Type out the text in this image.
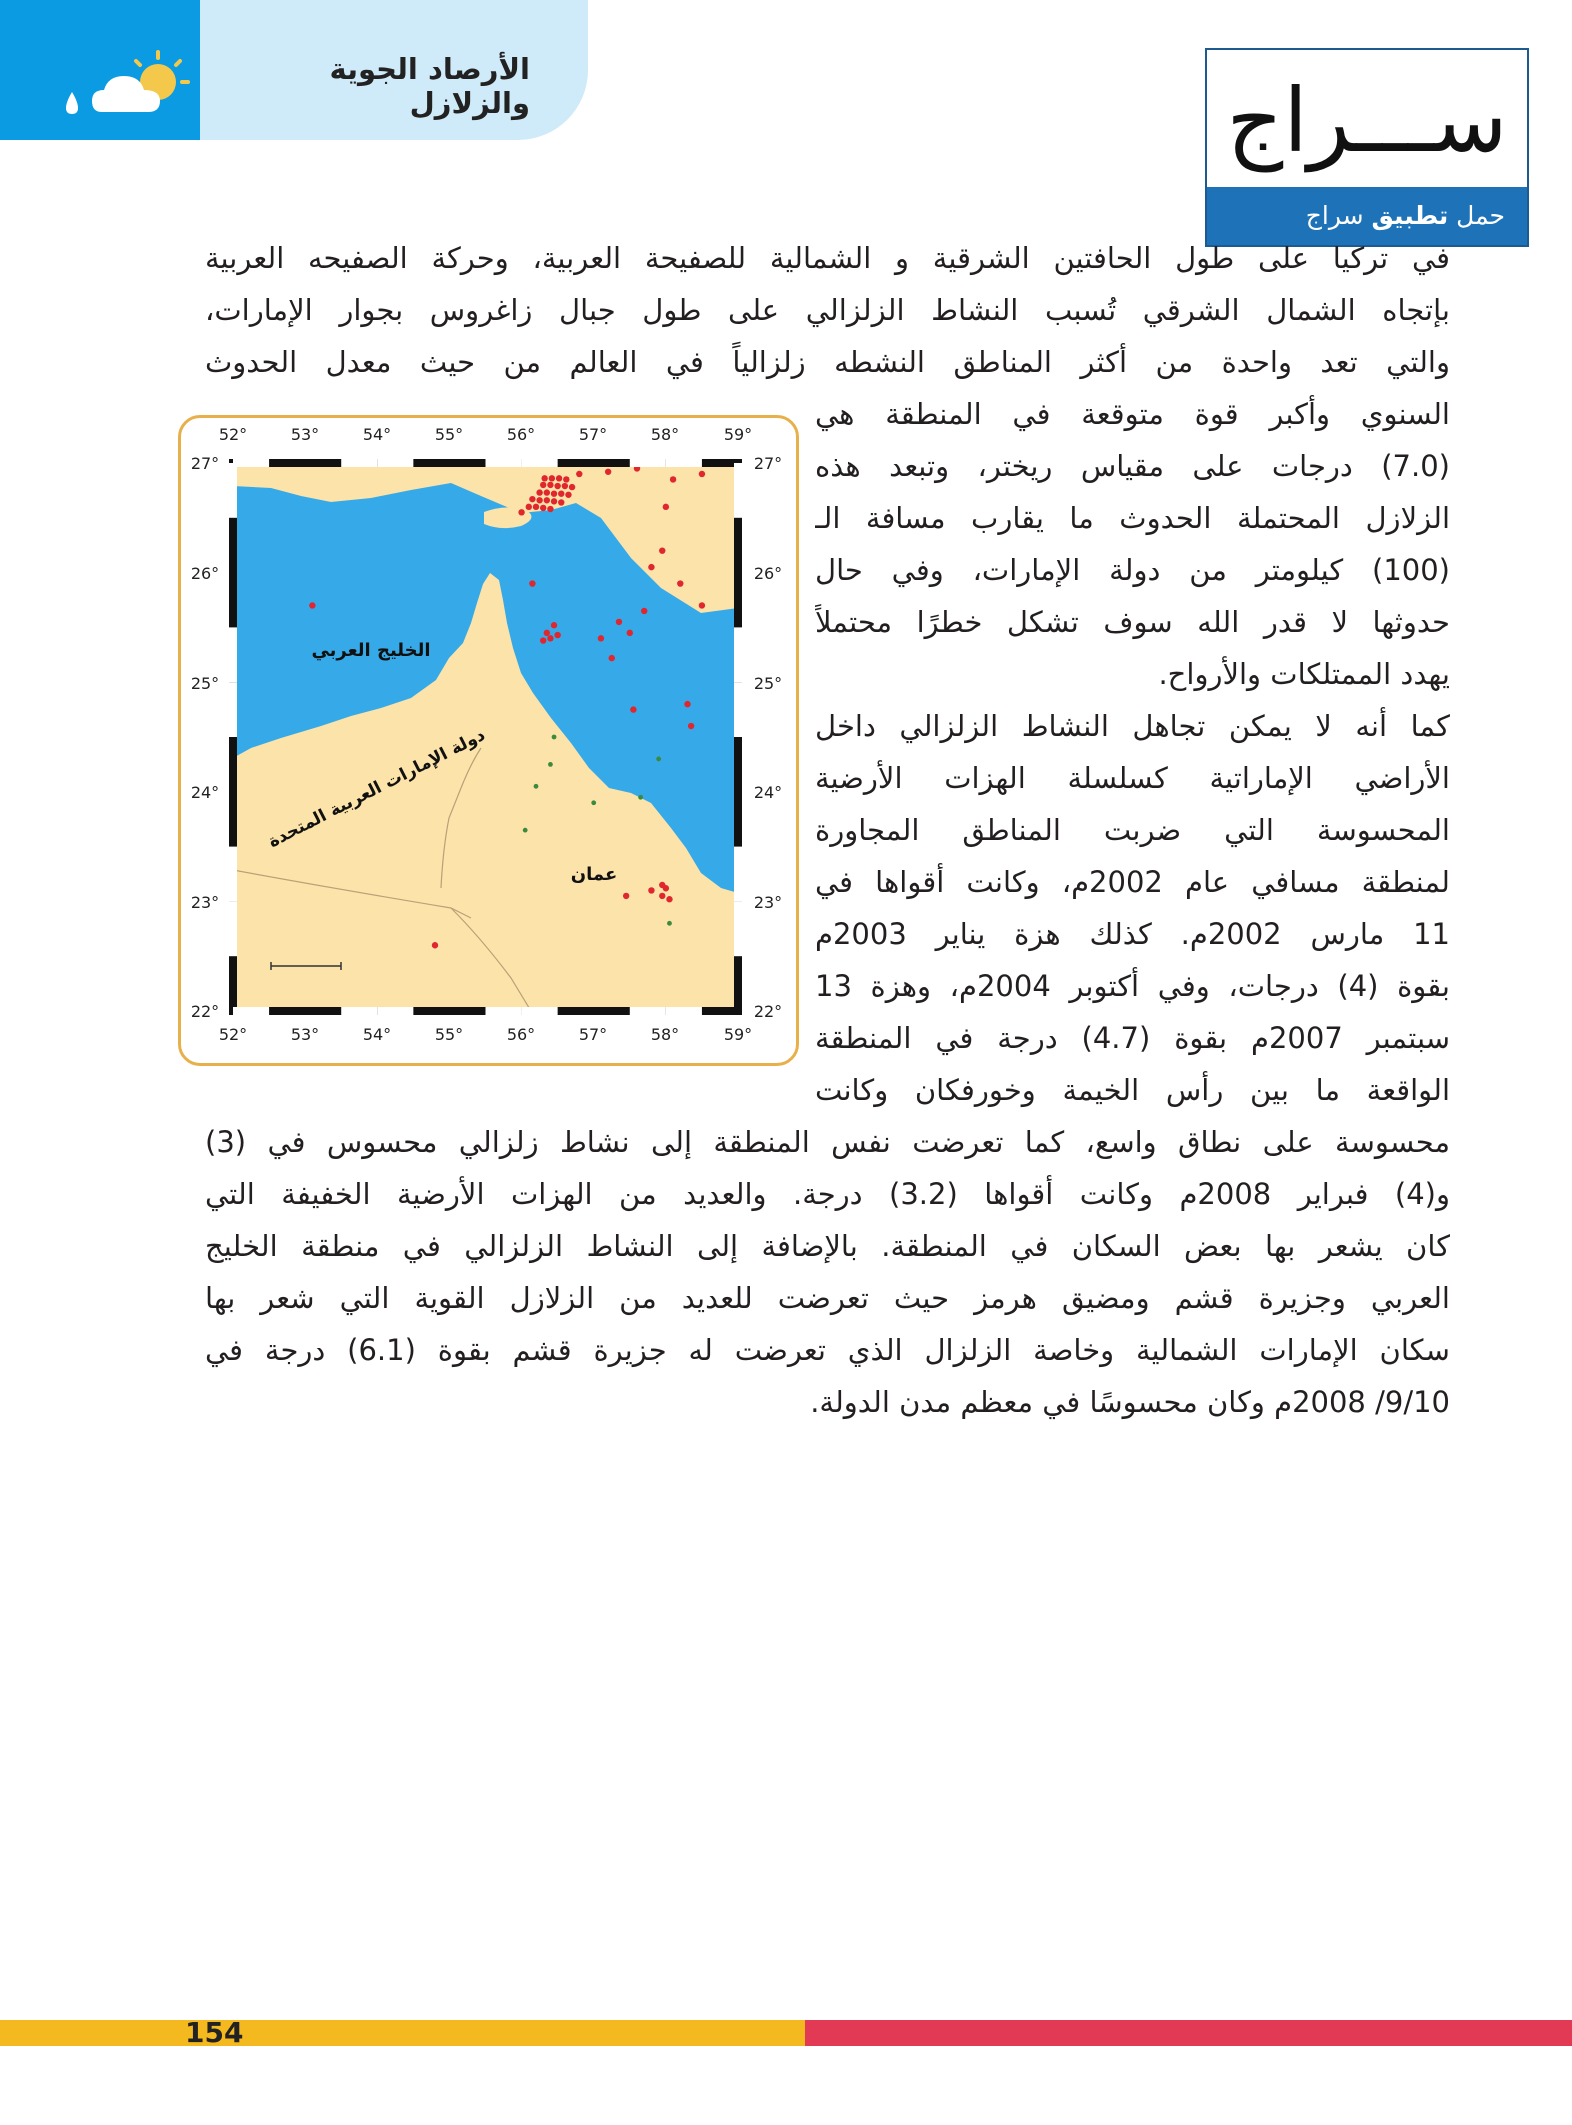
الأرصاد الجوية والزلازل	ســـراج
حمل تطبيق سراج
في تركيا على طول الحافتين الشرقية و الشمالية للصفيحة العربية، وحركة الصفيحه العربية
بإتجاه الشمال الشرقي تُسبب النشاط الزلزالي على طول جبال زاغروس بجوار الإمارات،
والتي تعد واحدة من أكثر المناطق النشطه زلزالياً في العالم من حيث معدل الحدوث
السنوي وأكبر قوة متوقعة في المنطقة هي
(7.0) درجات على مقياس ريختر، وتبعد هذه
الزلازل المحتملة الحدوث ما يقارب مسافة الـ
(100) كيلومتر من دولة الإمارات، وفي حال
حدوثها لا قدر الله سوف تشكل خطرًا محتملاً
يهدد الممتلكات والأرواح.
كما أنه لا يمكن تجاهل النشاط الزلزالي داخل
الأراضي الإماراتية كسلسلة الهزات الأرضية
المحسوسة التي ضربت المناطق المجاورة
لمنطقة مسافي عام 2002م، وكانت أقواها في
11 مارس 2002م. كذلك هزة يناير 2003م
بقوة (4) درجات، وفي أكتوبر 2004م، وهزة 13
سبتمبر 2007م بقوة (4.7) درجة في المنطقة
الواقعة ما بين رأس الخيمة وخورفكان وكانت
محسوسة على نطاق واسع، كما تعرضت نفس المنطقة إلى نشاط زلزالي محسوس في (3)
و(4) فبراير 2008م وكانت أقواها (3.2) درجة. والعديد من الهزات الأرضية الخفيفة التي
كان يشعر بها بعض السكان في المنطقة. بالإضافة إلى النشاط الزلزالي في منطقة الخليج
العربي وجزيرة قشم ومضيق هرمز حيث تعرضت للعديد من الزلازل القوية التي شعر بها
سكان الإمارات الشمالية وخاصة الزلزال الذي تعرضت له جزيرة قشم بقوة (6.1) درجة في
9/10/ 2008م وكان محسوسًا في معظم مدن الدولة.
52°	53°	54°	55°	56°	57°	58°	59°
52°	53°	54°	55°	56°	57°	58°	59°
27°
26°
25°
24°
23°
22°
27°
26°
25°
24°
23°
22°
الخليج العربي
دولة الإمارات العربية المتحدة
عمان
154
